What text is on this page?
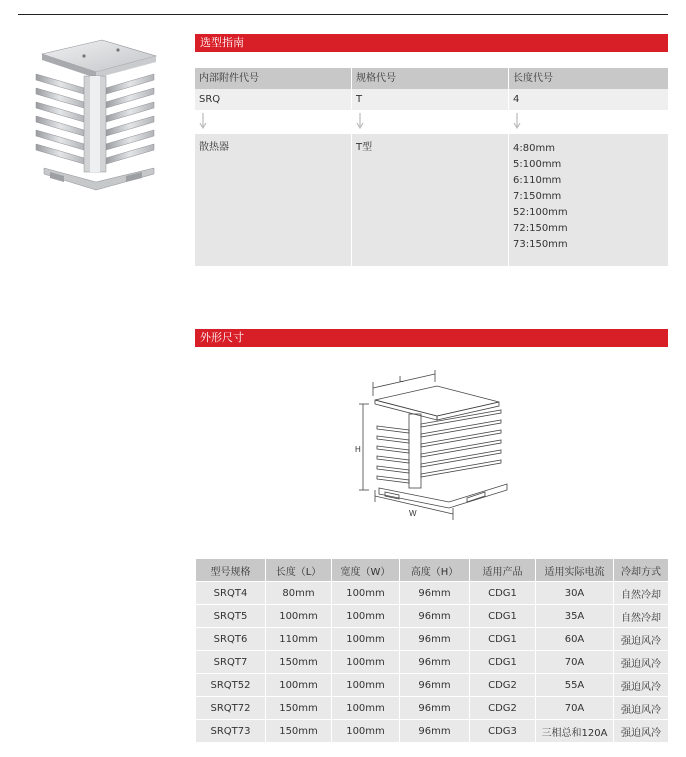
选型指南
内部附件代号	规格代号	长度代号
SRQ	T	4
散热器	T型	4:80mm
5:100mm
6:110mm
7:150mm
52:100mm
72:150mm
73:150mm
外形尺寸
L
H
W
型号规格	长度（L）	宽度（W）	高度（H）	适用产品	适用实际电流	冷却方式
SRQT4	80mm	100mm	96mm	CDG1	30A	自然冷却
SRQT5	100mm	100mm	96mm	CDG1	35A	自然冷却
SRQT6	110mm	100mm	96mm	CDG1	60A	强迫风冷
SRQT7	150mm	100mm	96mm	CDG1	70A	强迫风冷
SRQT52	100mm	100mm	96mm	CDG2	55A	强迫风冷
SRQT72	150mm	100mm	96mm	CDG2	70A	强迫风冷
SRQT73	150mm	100mm	96mm	CDG3	三相总和120A	强迫风冷
